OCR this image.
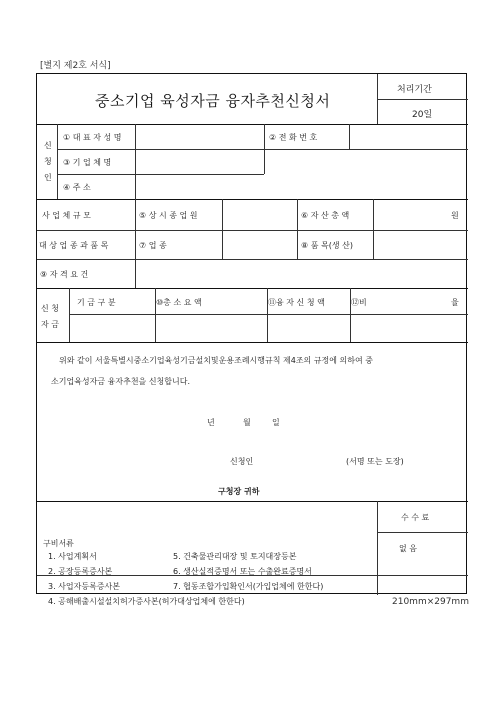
[별지 제2호 서식]
중소기업 육성자금 융자추천신청서
처리기간
20일
신
청
인
① 대 표 자 성 명	② 전 화 번 호
③ 기 업 체 명
④ 주 소
사 업 체 규 모	⑤ 상 시 종 업 원	⑥ 자 산 총 액	원
대 상 업 종 과 품 목	⑦ 업 종	⑧ 품 목(생 산)
⑨ 자 격 요 건
신 청
자 금
기 금 구 분	⑩총 소 요 액	⑪융 자 신 청 액	⑫비	율
위와 같이 서울특별시중소기업육성기금설치및운용조례시행규칙 제4조의 규정에 의하여 중
소기업육성자금 융자추천을 신청합니다.
년	월	일
신청인	(서명 또는 도장)
구청장 귀하
수 수 료
없 음
구비서류
1. 사업계획서	5. 건축물관리대장 및 토지대장등본
2. 공장등록증사본	6. 생산실적증명서 또는 수출완료증명서
3. 사업자등록증사본	7. 협동조합가입확인서(가입업체에 한한다)
4. 공해배출시설설치허가증사본(허가대상업체에 한한다)	210mm×297mm
